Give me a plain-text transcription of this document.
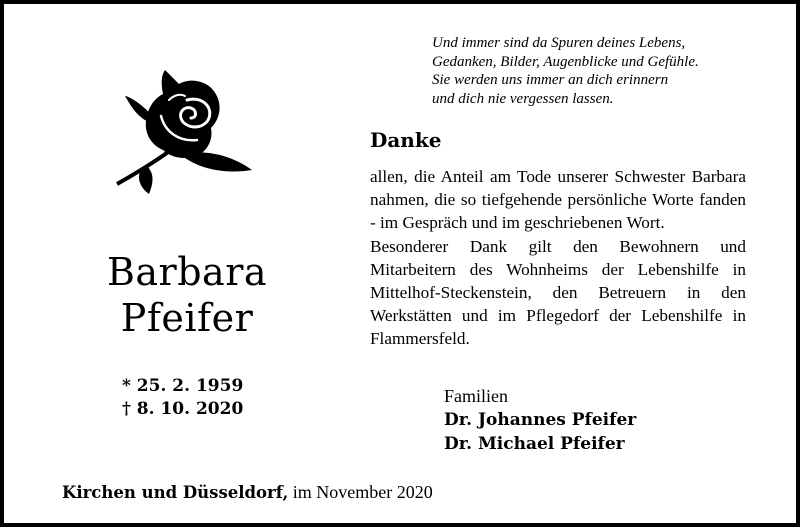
Und immer sind da Spuren deines Lebens,
Gedanken, Bilder, Augenblicke und Gefühle.
Sie werden uns immer an dich erinnern
und dich nie vergessen lassen.
Danke

allen, die Anteil am Tode unserer Schwester Barbara nahmen, die so tiefgehende persönliche Worte fanden - im Gespräch und im geschriebenen Wort.

Besonderer Dank gilt den Bewohnern und Mitarbeitern des Wohnheims der Lebenshilfe in Mittelhof-Steckenstein, den Betreuern in den Werkstätten und im Pflegedorf der Lebenshilfe in Flammersfeld.

Barbara
Pfeifer
* 25. 2. 1959
† 8. 10. 2020
Familien
Dr. Johannes Pfeifer
Dr. Michael Pfeifer
Kirchen und Düsseldorf, im November 2020
